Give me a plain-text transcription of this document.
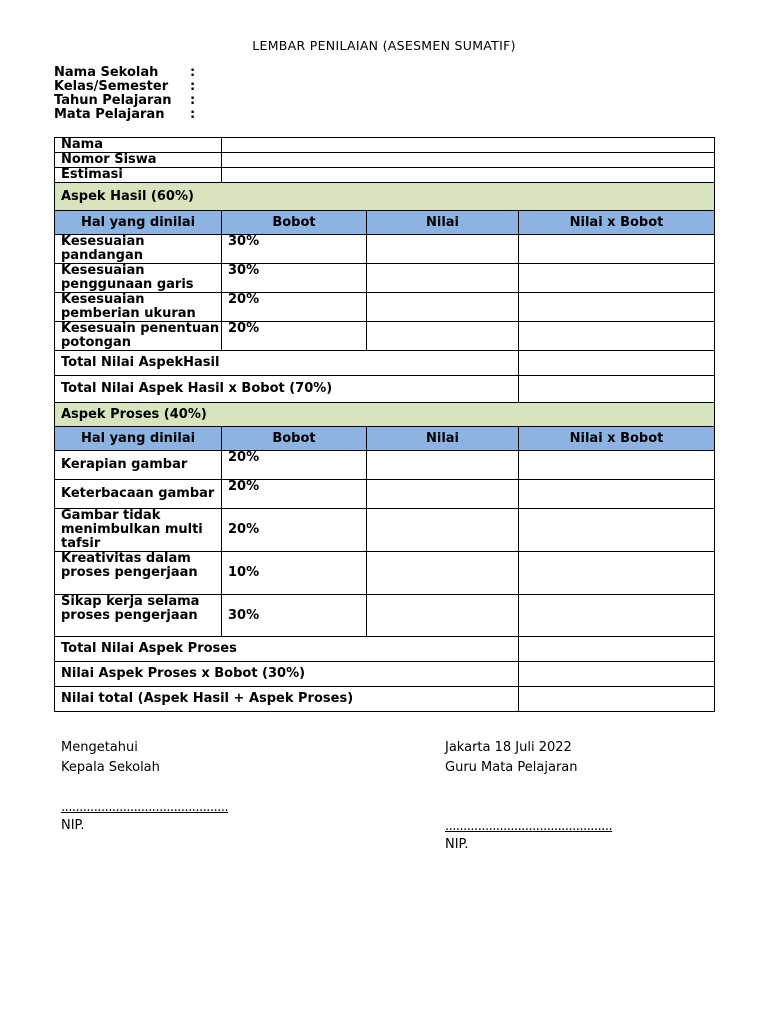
LEMBAR PENILAIAN (ASESMEN SUMATIF)
Nama Sekolah	:
Kelas/Semester	:
Tahun Pelajaran	:
Mata Pelajaran	:
Nama			
Nomor Siswa			
Estimasi			
Aspek Hasil (60%)			
Hal yang dinilai	Bobot	Nilai	Nilai x Bobot
Kesesuaian pandangan	30%		
Kesesuaian penggunaan garis	30%		
Kesesuaian pemberian ukuran	20%		
Kesesuain penentuan potongan	20%		
Total Nilai AspekHasil			
Total Nilai Aspek Hasil x Bobot (70%)			
Aspek Proses (40%)			
Hal yang dinilai	Bobot	Nilai	Nilai x Bobot
Kerapian gambar	20%		
Keterbacaan gambar	20%		
Gambar tidak menimbulkan multi tafsir	20%		
Kreativitas dalam proses pengerjaan	10%		
Sikap kerja selama proses pengerjaan	30%		
Total Nilai Aspek Proses			
Nilai Aspek Proses x Bobot (30%)			
Nilai total (Aspek Hasil + Aspek Proses)			
Mengetahui
Kepala Sekolah
..............................................
NIP.
Jakarta 18 Juli 2022
Guru Mata Pelajaran
..............................................
NIP.
